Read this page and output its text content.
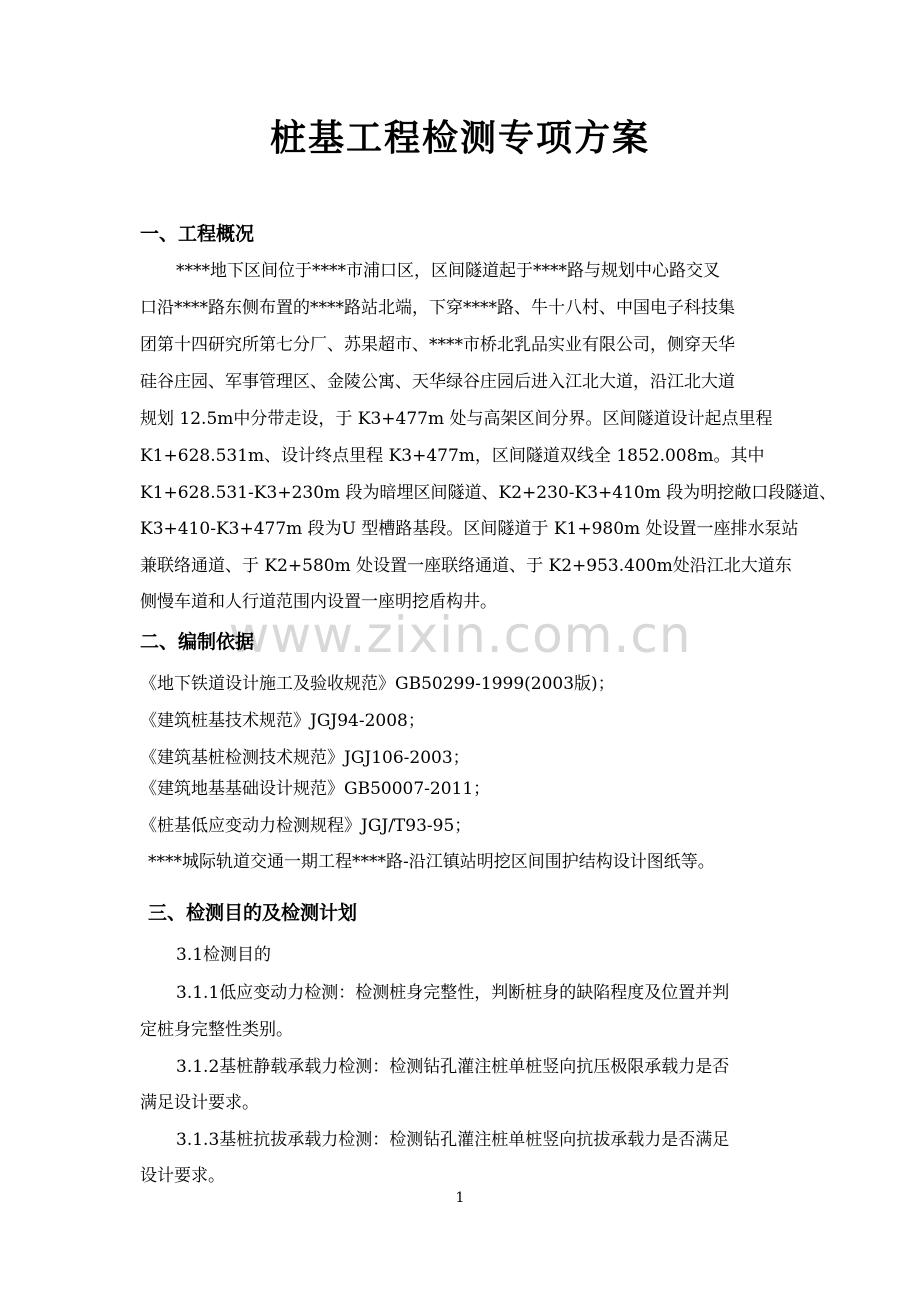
桩基工程检测专项方案
一、工程概况
****地下区间位于****市浦口区，区间隧道起于****路与规划中心路交叉
口沿****路东侧布置的****路站北端，下穿****路、牛十八村、中国电子科技集
团第十四研究所第七分厂、苏果超市、****市桥北乳品实业有限公司，侧穿天华
硅谷庄园、军事管理区、金陵公寓、天华绿谷庄园后进入江北大道，沿江北大道
规划 12.5m中分带走设，于 K3+477m 处与高架区间分界。区间隧道设计起点里程
K1+628.531m、设计终点里程 K3+477m，区间隧道双线全 1852.008m。其中
K1+628.531-K3+230m 段为暗埋区间隧道、K2+230-K3+410m 段为明挖敞口段隧道、
K3+410-K3+477m 段为U 型槽路基段。区间隧道于 K1+980m 处设置一座排水泵站
兼联络通道、于 K2+580m 处设置一座联络通道、于 K2+953.400m处沿江北大道东
侧慢车道和人行道范围内设置一座明挖盾构井。
www.zixin.com.cn
二、编制依据
《地下铁道设计施工及验收规范》GB50299-1999(2003版)；
《建筑桩基技术规范》JGJ94-2008；
《建筑基桩检测技术规范》JGJ106-2003；
《建筑地基基础设计规范》GB50007-2011；
《桩基低应变动力检测规程》JGJ/T93-95；
****城际轨道交通一期工程****路-沿江镇站明挖区间围护结构设计图纸等。
三、检测目的及检测计划
3.1检测目的
3.1.1低应变动力检测：检测桩身完整性，判断桩身的缺陷程度及位置并判
定桩身完整性类别。
3.1.2基桩静载承载力检测：检测钻孔灌注桩单桩竖向抗压极限承载力是否
满足设计要求。
3.1.3基桩抗拔承载力检测：检测钻孔灌注桩单桩竖向抗拔承载力是否满足
设计要求。
1
